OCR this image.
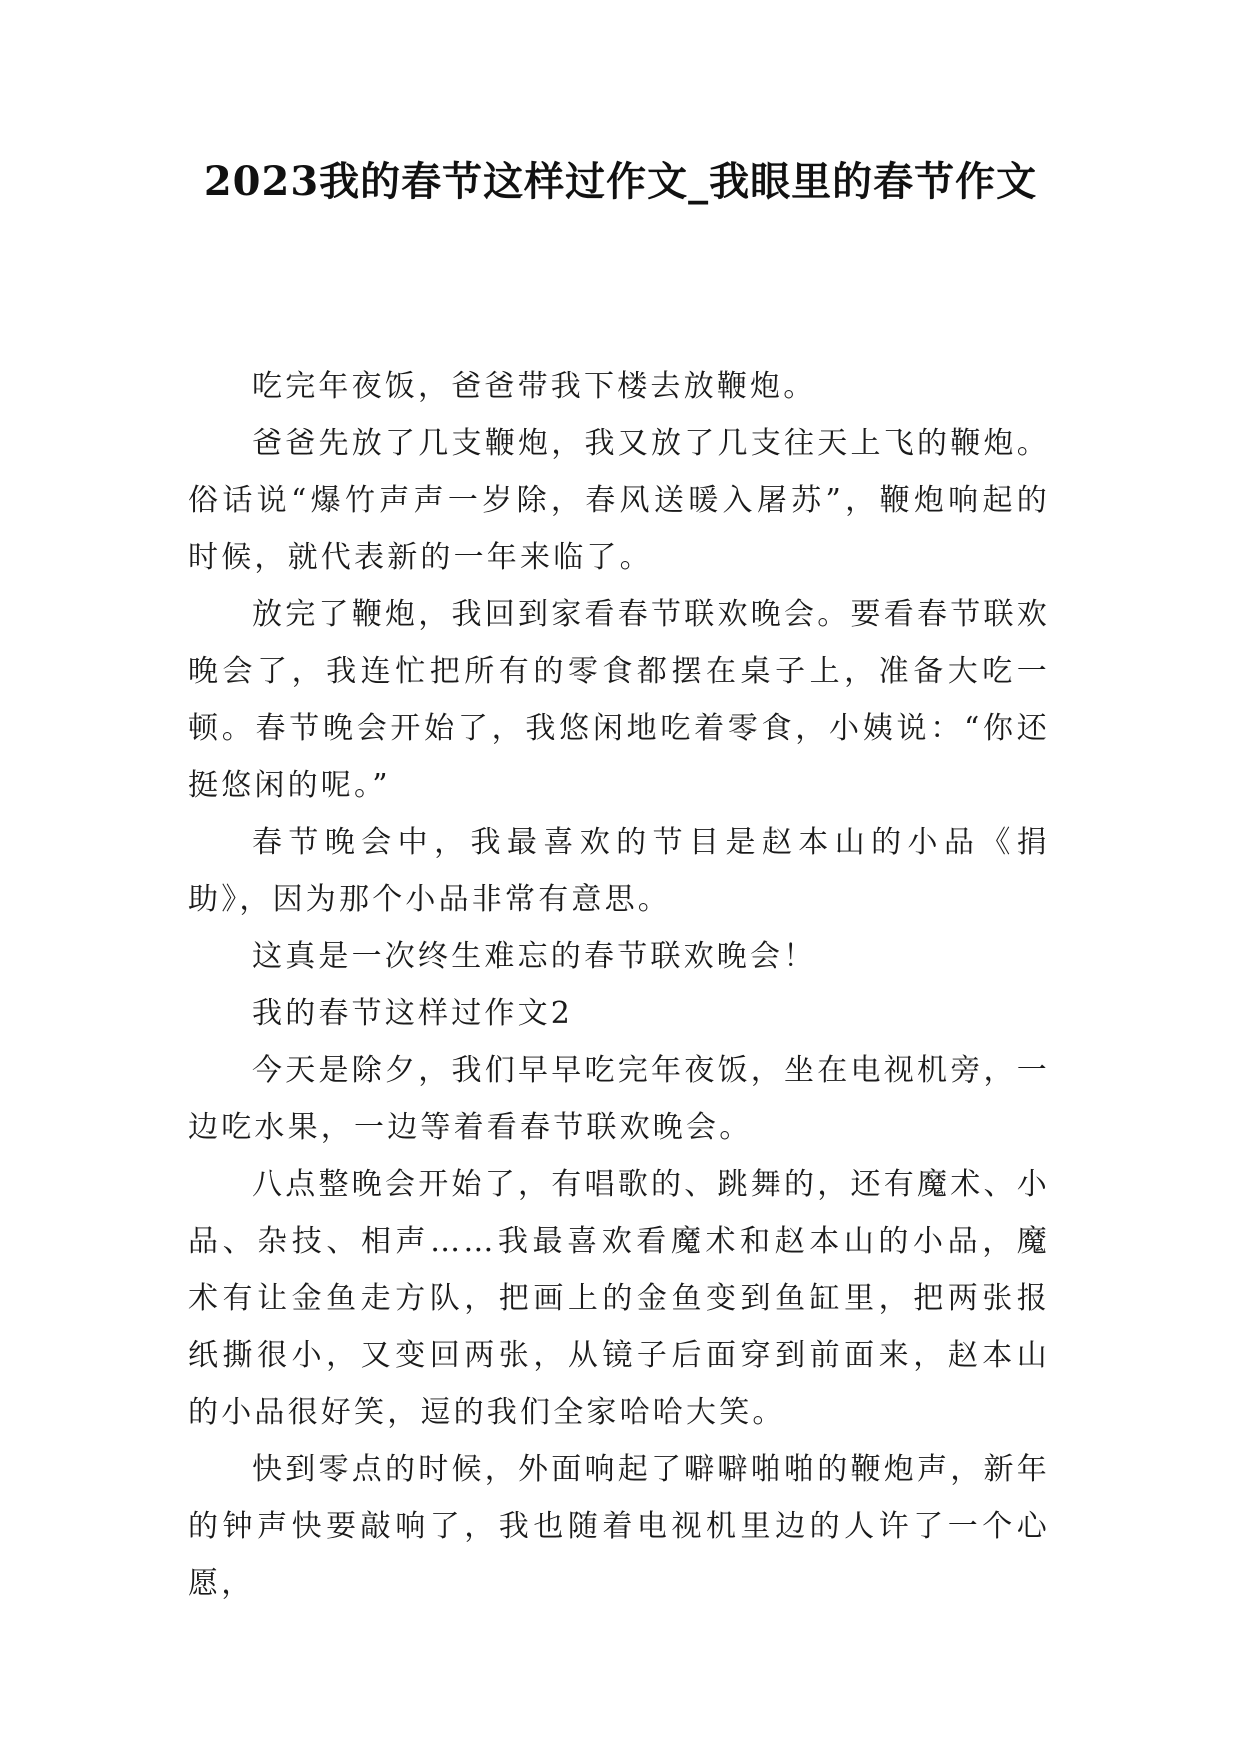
2023我的春节这样过作文_我眼里的春节作文

吃完年夜饭，爸爸带我下楼去放鞭炮。

爸爸先放了几支鞭炮，我又放了几支往天上飞的鞭炮。俗话说“爆竹声声一岁除，春风送暖入屠苏”，鞭炮响起的时候，就代表新的一年来临了。

放完了鞭炮，我回到家看春节联欢晚会。要看春节联欢晚会了，我连忙把所有的零食都摆在桌子上，准备大吃一顿。春节晚会开始了，我悠闲地吃着零食，小姨说：“你还挺悠闲的呢。”

春节晚会中，我最喜欢的节目是赵本山的小品《捐助》，因为那个小品非常有意思。

这真是一次终生难忘的春节联欢晚会！

我的春节这样过作文2

今天是除夕，我们早早吃完年夜饭，坐在电视机旁，一边吃水果，一边等着看春节联欢晚会。

八点整晚会开始了，有唱歌的、跳舞的，还有魔术、小品、杂技、相声……我最喜欢看魔术和赵本山的小品，魔术有让金鱼走方队，把画上的金鱼变到鱼缸里，把两张报纸撕很小，又变回两张，从镜子后面穿到前面来，赵本山的小品很好笑，逗的我们全家哈哈大笑。

快到零点的时候，外面响起了噼噼啪啪的鞭炮声，新年的钟声快要敲响了，我也随着电视机里边的人许了一个心愿，
